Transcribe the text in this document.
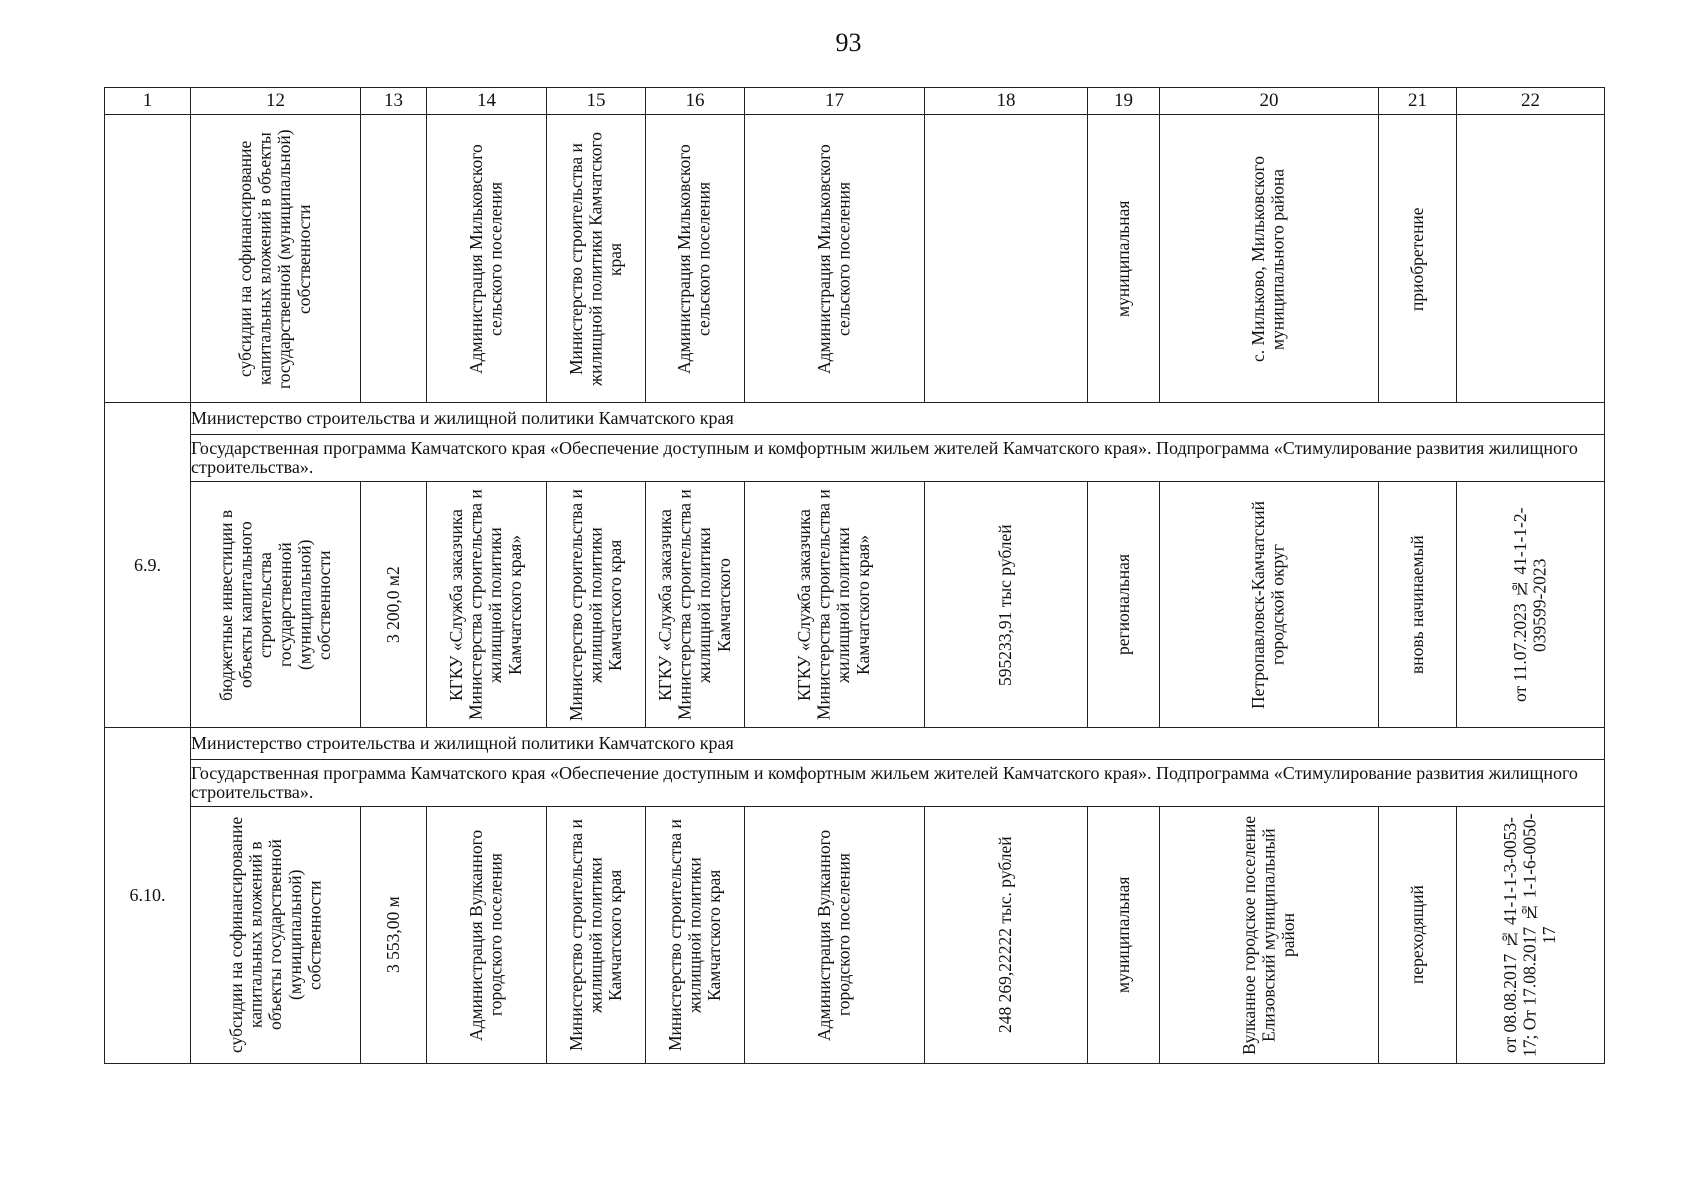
93
1	12	13	14	15	16	17	18	19	20	21	22

	субсидии на софинансирование капитальных вложений в объекты государственной (муниципальной) собственности		Администрация Мильковского сельского поселения	Министерство строительства и жилищной политики Камчатского края	Администрация Мильковского сельского поселения	Администрация Мильковского сельского поселения		муниципальная	с. Мильково, Мильковского муниципального района	приобретение	

6.9.	Министерство строительства и жилищной политики Камчатского края										
	Государственная программа Камчатского края «Обеспечение доступным и комфортным жильем жителей Камчатского края». Подпрограмма «Стимулирование развития жилищного строительства».										

	бюджетные инвестиции в объекты капитального строительства государственной (муниципальной) собственности	3 200,0 м2	КГКУ «Служба заказчика Министерства строительства и жилищной политики Камчатского края»	Министерство строительства и жилищной политики Камчатского края	КГКУ «Служба заказчика Министерства строительства и жилищной политики Камчатского	КГКУ «Служба заказчика Министерства строительства и жилищной политики Камчатского края»	595233,91 тыс рублей	региональная	Петропавловск-Камчатский городской округ	вновь начинаемый	от 11.07.2023 № 41-1-1-2-039599-2023

6.10.	Министерство строительства и жилищной политики Камчатского края										
	Государственная программа Камчатского края «Обеспечение доступным и комфортным жильем жителей Камчатского края». Подпрограмма «Стимулирование развития жилищного строительства».										

	субсидии на софинансирование капитальных вложений в объекты государственной (муниципальной) собственности	3 553,00 м	Администрация Вулканного городского поселения	Министерство строительства и жилищной политики Камчатского края	Министерство строительства и жилищной политики Камчатского края	Администрация Вулканного городского поселения	248 269,22222 тыс. рублей	муниципальная	Вулканное городское поселение Елизовский муниципальный район	переходящий	от 08.08.2017 № 41-1-1-3-0053-17; От 17.08.2017 № 1-1-6-0050-17
